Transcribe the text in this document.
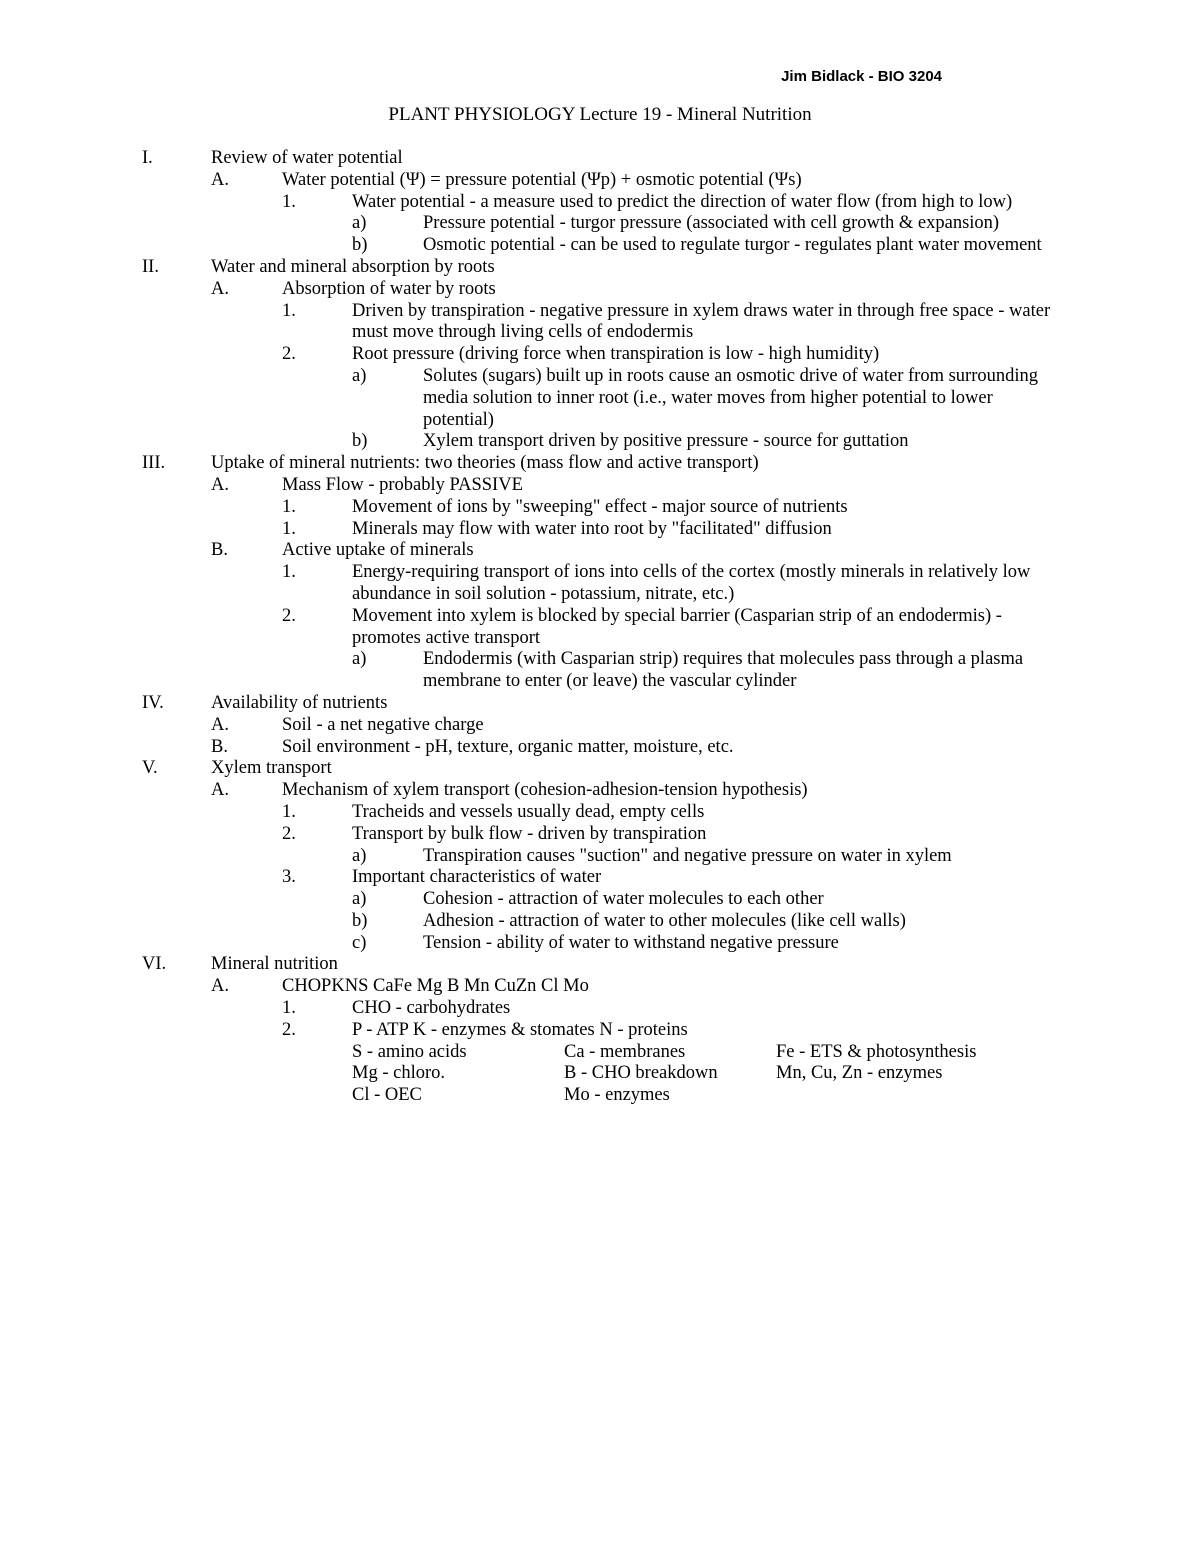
Jim Bidlack - BIO 3204
PLANT PHYSIOLOGY Lecture 19 - Mineral Nutrition
I.	Review of water potential
A.	Water potential (Ψ) = pressure potential (Ψp) + osmotic potential (Ψs)
1.	Water potential - a measure used to predict the direction of water flow (from high to low)
a)	Pressure potential - turgor pressure (associated with cell growth & expansion)
b)	Osmotic potential - can be used to regulate turgor - regulates plant water movement
II.	Water and mineral absorption by roots
A.	Absorption of water by roots
1.	Driven by transpiration - negative pressure in xylem draws water in through free space - water must move through living cells of endodermis
2.	Root pressure (driving force when transpiration is low - high humidity)
a)	Solutes (sugars) built up in roots cause an osmotic drive of water from surrounding media solution to inner root (i.e., water moves from higher potential to lower potential)
b)	Xylem transport driven by positive pressure - source for guttation
III. Uptake of mineral nutrients: two theories (mass flow and active transport)
A.	Mass Flow - probably PASSIVE
1.	Movement of ions by "sweeping" effect - major source of nutrients
1.	Minerals may flow with water into root by "facilitated" diffusion
B.	Active uptake of minerals
1.	Energy-requiring transport of ions into cells of the cortex (mostly minerals in relatively low abundance in soil solution - potassium, nitrate, etc.)
2.	Movement into xylem is blocked by special barrier (Casparian strip of an endodermis) - promotes active transport
a)	Endodermis (with Casparian strip) requires that molecules pass through a plasma membrane to enter (or leave) the vascular cylinder
IV.	Availability of nutrients
A.	Soil - a net negative charge
B.	Soil environment - pH, texture, organic matter, moisture, etc.
V.	Xylem transport
A.	Mechanism of xylem transport (cohesion-adhesion-tension hypothesis)
1.	Tracheids and vessels usually dead, empty cells
2.	Transport by bulk flow - driven by transpiration
a)	Transpiration causes "suction" and negative pressure on water in xylem
3.	Important characteristics of water
a)	Cohesion - attraction of water molecules to each other
b)	Adhesion - attraction of water to other molecules (like cell walls)
c)	Tension - ability of water to withstand negative pressure
VI. Mineral nutrition
A.	CHOPKNS CaFe Mg B Mn CuZn Cl Mo
1.	CHO - carbohydrates
2.	P - ATP K - enzymes & stomates N - proteins
S - amino acids	Ca - membranes	Fe - ETS & photosynthesis
Mg - chloro.	B - CHO breakdown	Mn, Cu, Zn - enzymes
Cl - OEC	Mo - enzymes
